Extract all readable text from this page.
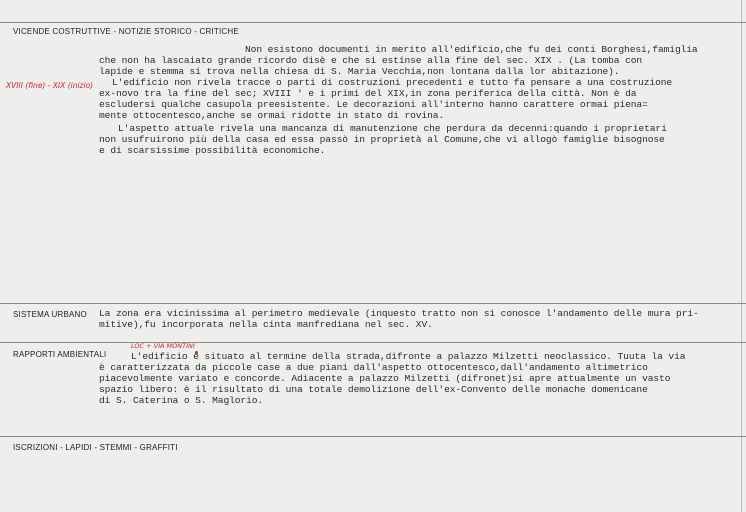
VICENDE COSTRUTTIVE - NOTIZIE STORICO - CRITICHE
Non esistono documenti in merito all'edificio,che fu dei conti Borghesi,famiglia
che non ha lascaiato grande ricordo disè e che si estinse alla fine del sec. XIX . (La tomba con
lapide e stemma si trova nella chiesa di S. Maria Vecchia,non lontana dalla lor abitazione).
L'edificio non rivela tracce o parti di costruzioni precedenti e tutto fa pensare a una costruzione
ex-novo tra la fine del sec; XVIII ' e i primi del XIX,in zona periferica della città. Non è da
escludersi qualche casupola preesistente. Le decorazioni all'interno hanno carattere ormai piena=
mente ottocentesco,anche se ormai ridotte in stato di rovina.
L'aspetto attuale rivela una mancanza di manutenzione che perdura da decenni:quando i proprietari
non usufruirono più della casa ed essa passò in proprietà al Comune,che vi allogò famiglie bisognose
e di scarsissime possibilità economiche.
XVIII (fine) - XIX (inizio)
SISTEMA URBANO La zona era vicinissima al perimetro medievale (inquesto tratto non si conosce l'andamento delle mura pri-
mitive),fu incorporata nella cinta manfrediana nel sec. XV.
RAPPORTI AMBIENTALI
LOC + VIA MONTINI
L'edificio è situato al termine della strada,difronte a palazzo Milzetti neoclassico. Tuuta la via
è caratterizzata da piccole case a due piani dall'aspetto ottocentesco,dall'andamento altimetrico
piacevolmente variato e concorde. Adiacente a palazzo Milzetti (difronet)si apre attualmente un vasto
spazio libero: è il risultato di una totale demolizione dell'ex-Convento delle monache domenicane
di S. Caterina o S. Maglorio.
ISCRIZIONI - LAPIDI - STEMMI - GRAFFITI
